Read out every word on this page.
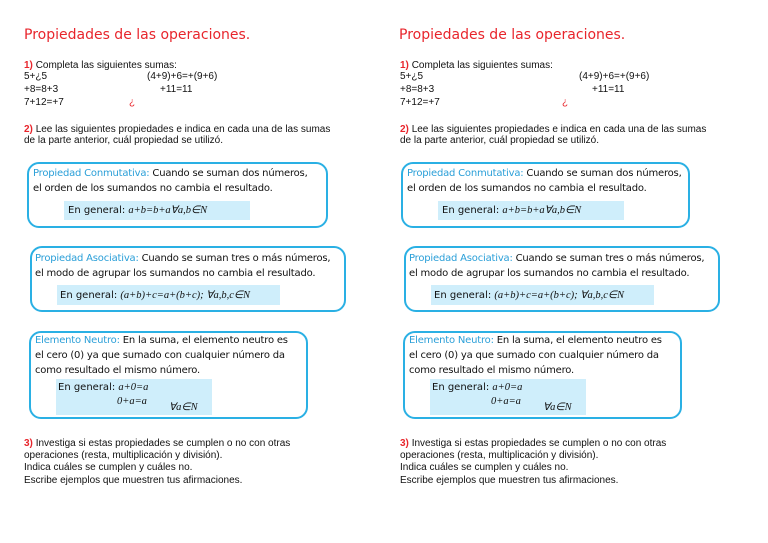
Propiedades de las operaciones.
1) Completa las siguientes sumas:
5+¿5
+8=8+3
7+12=+7
(4+9)+6=+(9+6)
+11=11
¿
2) Lee las siguientes propiedades e indica en cada una de las sumas
de la parte anterior, cuál propiedad se utilizó.
Propiedad Conmutativa: Cuando se suman dos números,
el orden de los sumandos no cambia el resultado.
En general: a+b=b+a∀a,b∈N
Propiedad Asociativa: Cuando se suman tres o más números,
el modo de agrupar los sumandos no cambia el resultado.
En general: (a+b)+c=a+(b+c); ∀a,b,c∈N
Elemento Neutro: En la suma, el elemento neutro es
el cero (0) ya que sumado con cualquier número da
como resultado el mismo número.
En general: a+0=a
0+a=a
∀a∈N
3) Investiga si estas propiedades se cumplen o no con otras
operaciones (resta, multiplicación y división).
Indica cuáles se cumplen y cuáles no.
Escribe ejemplos que muestren tus afirmaciones.
Propiedades de las operaciones.
1) Completa las siguientes sumas:
5+¿5
+8=8+3
7+12=+7
(4+9)+6=+(9+6)
+11=11
¿
2) Lee las siguientes propiedades e indica en cada una de las sumas
de la parte anterior, cuál propiedad se utilizó.
Propiedad Conmutativa: Cuando se suman dos números,
el orden de los sumandos no cambia el resultado.
En general: a+b=b+a∀a,b∈N
Propiedad Asociativa: Cuando se suman tres o más números,
el modo de agrupar los sumandos no cambia el resultado.
En general: (a+b)+c=a+(b+c); ∀a,b,c∈N
Elemento Neutro: En la suma, el elemento neutro es
el cero (0) ya que sumado con cualquier número da
como resultado el mismo número.
En general: a+0=a
0+a=a
∀a∈N
3) Investiga si estas propiedades se cumplen o no con otras
operaciones (resta, multiplicación y división).
Indica cuáles se cumplen y cuáles no.
Escribe ejemplos que muestren tus afirmaciones.
